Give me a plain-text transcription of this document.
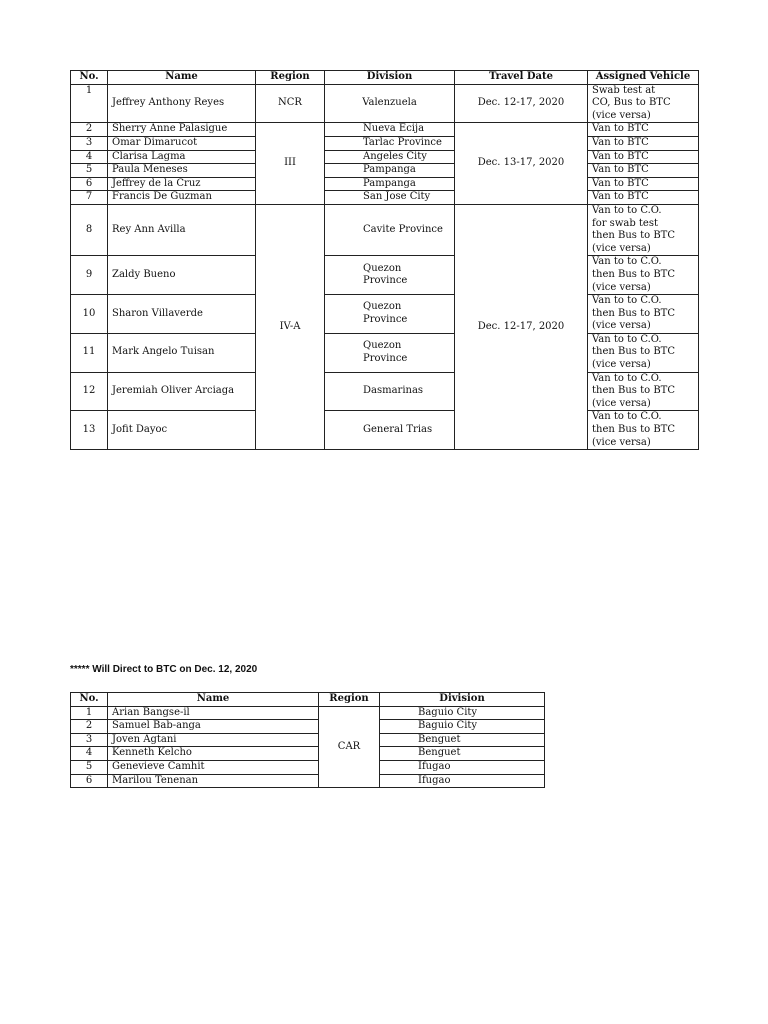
No.	Name	Region	Division	Travel Date	Assigned Vehicle
1	Jeffrey Anthony Reyes	NCR	Valenzuela	Dec. 12-17, 2020	Swab test at
CO, Bus to BTC
(vice versa)

2	Sherry Anne Palasigue	III	Nueva Ecija	Dec. 13-17, 2020	Van to BTC
3	Omar Dimarucot		Tarlac Province		Van to BTC
4	Clarisa Lagma		Angeles City		Van to BTC
5	Paula Meneses		Pampanga		Van to BTC
6	Jeffrey de la Cruz		Pampanga		Van to BTC
7	Francis De Guzman		San Jose City		Van to BTC
8	Rey Ann Avilla	IV-A	Cavite Province	Dec. 12-17, 2020	Van to to C.O.
for swab test
then Bus to BTC
(vice versa)

9	Zaldy Bueno		Quezon Province		Van to to C.O.
then Bus to BTC
(vice versa)

10	Sharon Villaverde		Quezon Province		Van to to C.O.
then Bus to BTC
(vice versa)

11	Mark Angelo Tuisan		Quezon Province		Van to to C.O.
then Bus to BTC
(vice versa)

12	Jeremiah Oliver Arciaga		Dasmarinas		Van to to C.O.
then Bus to BTC
(vice versa)

13	Jofit Dayoc		General Trias		Van to to C.O.
then Bus to BTC
(vice versa)
***** Will Direct to BTC on Dec. 12, 2020
No.	Name	Region	Division
1	Arian Bangse-il	CAR	Baguio City
2	Samuel Bab-anga		Baguio City
3	Joven Agtani		Benguet
4	Kenneth Kelcho		Benguet
5	Genevieve Camhit		Ifugao
6	Marilou Tenenan		Ifugao
